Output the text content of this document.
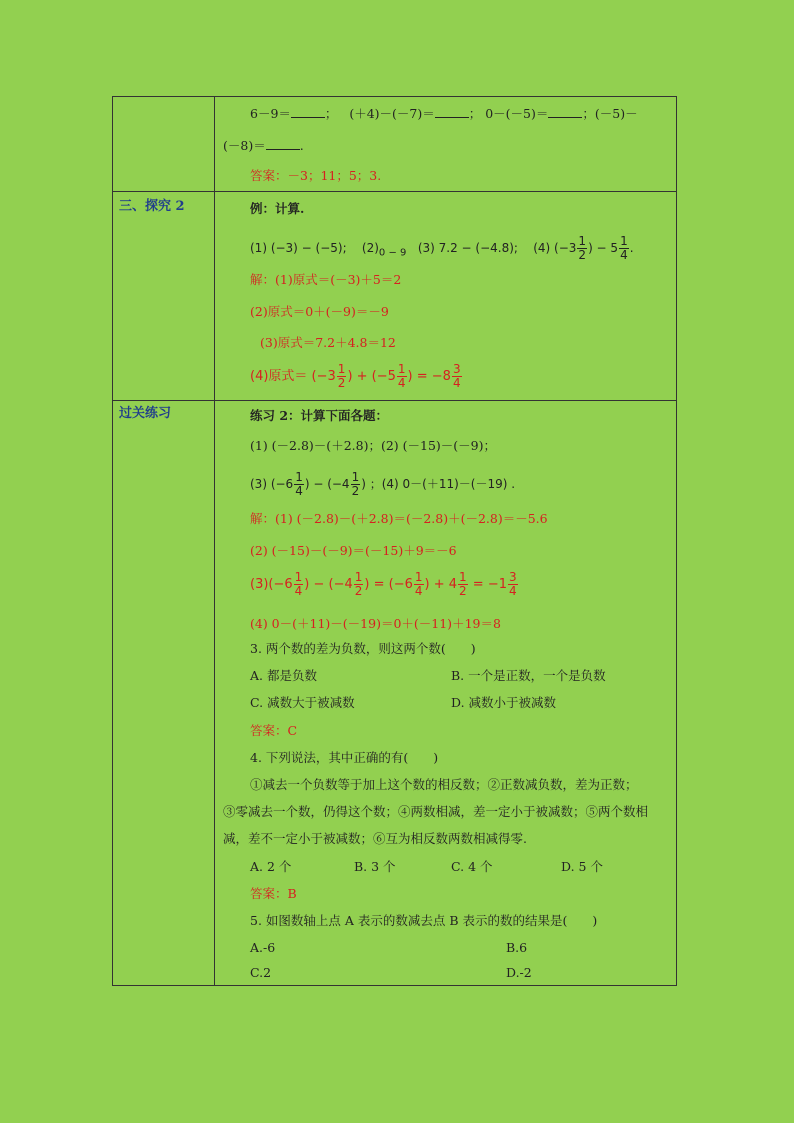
6－9＝	；   (＋4)－(－7)＝	； 0－(－5)＝	；(－5)－
(－8)＝	.
答案：－3；11；5；3.
三、探究 2	例：计算.
(1) (−3) − (−5); $(2)_{0 - 9}$ (3) 7.2 − (−4.8); (4) ($-3 \frac{1}{2}$ ) − $5 \frac{1}{4}$ .
解：(1)原式＝(－3)＋5＝2
(2)原式＝0＋(－9)＝－9
(3)原式＝7.2＋4.8＝12
(4)原式＝ ($-3 \frac{1}{2}$ ) + ($-5 \frac{1}{4}$ ) = $-8 \frac{3}{4}$
过关练习	练习 2：计算下面各题：
(1) (－2.8)－(＋2.8)；(2) (－15)－(－9)；
(3) ($-6 \frac{1}{4}$ ) − ($-4 \frac{1}{2}$ ) ；(4) 0－(＋11)－(－19) .
解：(1) (－2.8)－(＋2.8)＝(－2.8)＋(－2.8)＝－5.6
(2) (－15)－(－9)＝(－15)＋9＝－6
$(3)(-6 \frac{1}{4}$ ) − ($-4 \frac{1}{2}$ ) = ($-6 \frac{1}{4}$ ) + $4 \frac{1}{2} = -1 \frac{3}{4}$
(4) 0－(＋11)－(－19)＝0＋(－11)＋19＝8
3. 两个数的差为负数，则这两个数(　　)
A. 都是负数	B. 一个是正数，一个是负数
C. 减数大于被减数	D. 减数小于被减数
答案：C
4. 下列说法，其中正确的有(　　)
①减去一个负数等于加上这个数的相反数；②正数减负数，差为正数；
③零减去一个数，仍得这个数；④两数相减，差一定小于被减数；⑤两个数相
减，差不一定小于被减数；⑥互为相反数两数相减得零.
A. 2 个	B. 3 个	C. 4 个	D. 5 个
答案：B
5. 如图数轴上点 A 表示的数减去点 B 表示的数的结果是(　　)
A.-6	B.6
C.2	D.-2
